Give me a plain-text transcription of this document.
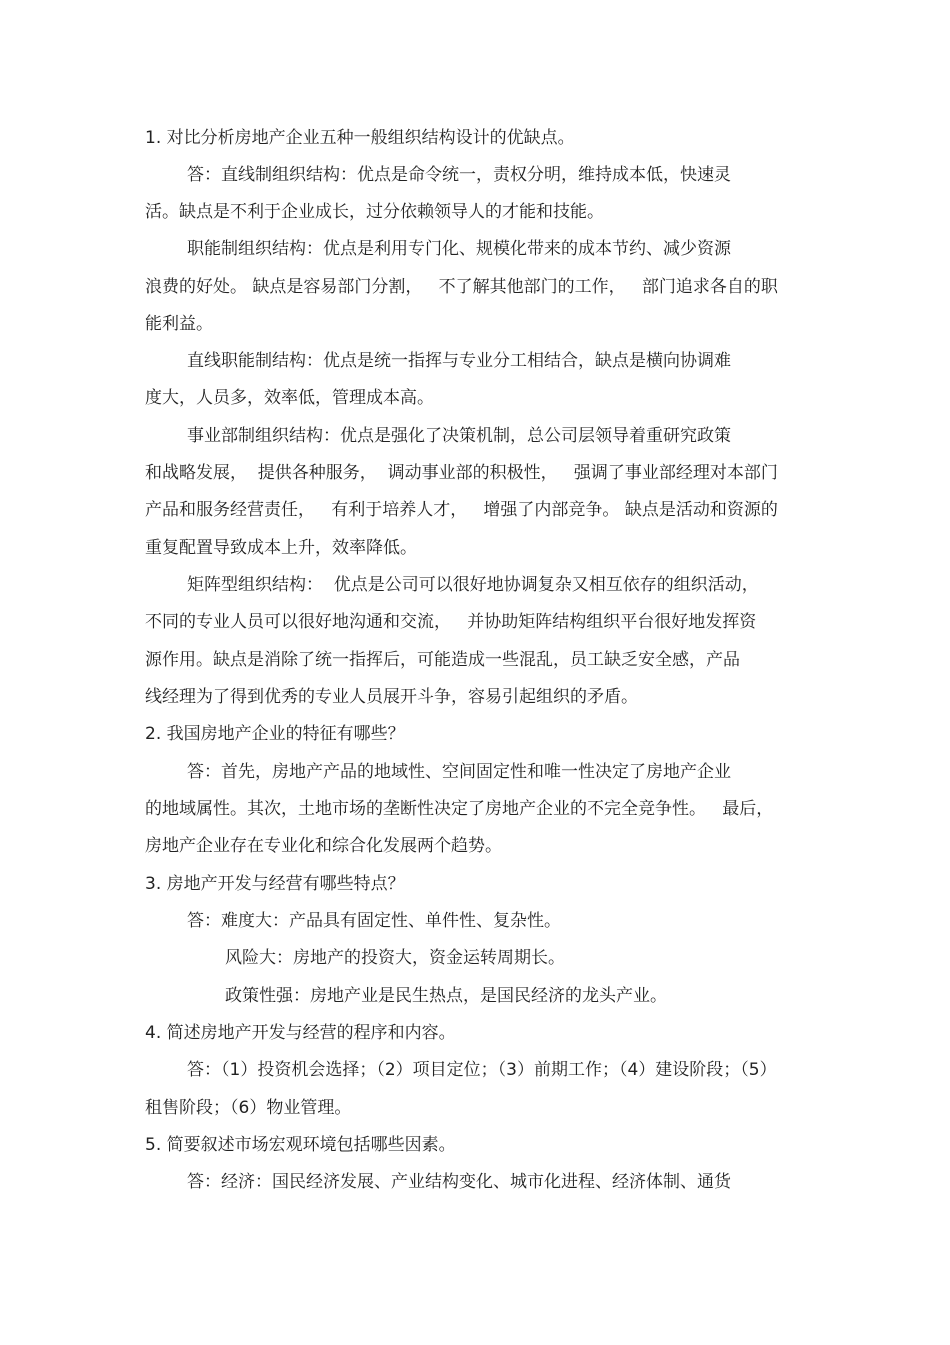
1. 对比分析房地产企业五种一般组织结构设计的优缺点。
答：直线制组织结构：优点是命令统一，责权分明，维持成本低，快速灵
活。缺点是不利于企业成长，过分依赖领导人的才能和技能。
职能制组织结构：优点是利用专门化、规模化带来的成本节约、减少资源
浪费的好处。 缺点是容易部门分割，   不了解其他部门的工作，   部门追求各自的职
能利益。
直线职能制结构：优点是统一指挥与专业分工相结合，缺点是横向协调难
度大，人员多，效率低，管理成本高。
事业部制组织结构：优点是强化了决策机制，总公司层领导着重研究政策
和战略发展，  提供各种服务，  调动事业部的积极性，   强调了事业部经理对本部门
产品和服务经营责任，   有利于培养人才，   增强了内部竞争。 缺点是活动和资源的
重复配置导致成本上升，效率降低。
矩阵型组织结构：  优点是公司可以很好地协调复杂又相互依存的组织活动，
不同的专业人员可以很好地沟通和交流，   并协助矩阵结构组织平台很好地发挥资
源作用。缺点是消除了统一指挥后，可能造成一些混乱，员工缺乏安全感，产品
线经理为了得到优秀的专业人员展开斗争，容易引起组织的矛盾。
2. 我国房地产企业的特征有哪些？
答：首先，房地产产品的地域性、空间固定性和唯一性决定了房地产企业
的地域属性。其次，土地市场的垄断性决定了房地产企业的不完全竞争性。   最后，
房地产企业存在专业化和综合化发展两个趋势。
3. 房地产开发与经营有哪些特点？
答：难度大：产品具有固定性、单件性、复杂性。
风险大：房地产的投资大，资金运转周期长。
政策性强：房地产业是民生热点，是国民经济的龙头产业。
4. 简述房地产开发与经营的程序和内容。
答：（1）投资机会选择；（2）项目定位；（3）前期工作；（4）建设阶段；（5）
租售阶段；（6）物业管理。
5. 简要叙述市场宏观环境包括哪些因素。
答：经济：国民经济发展、产业结构变化、城市化进程、经济体制、通货
